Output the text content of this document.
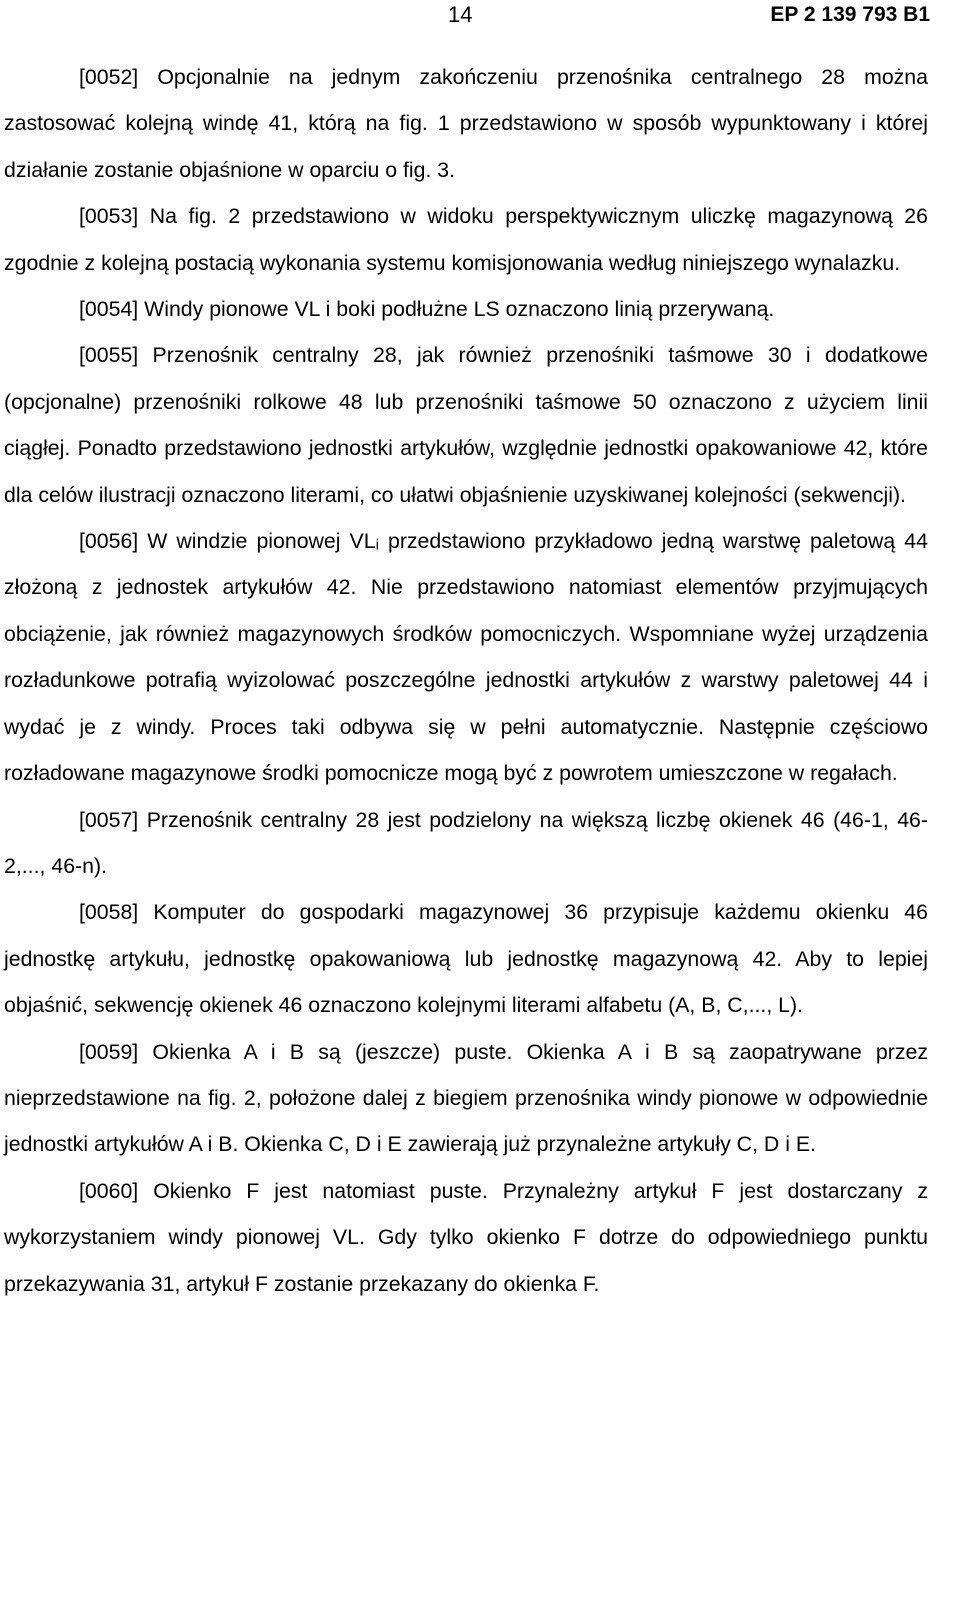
14	EP 2 139 793 B1

[0052] Opcjonalnie na jednym zakończeniu przenośnika centralnego 28 można zastosować kolejną windę 41, którą na fig. 1 przedstawiono w sposób wypunktowany i której działanie zostanie objaśnione w oparciu o fig. 3.

[0053] Na fig. 2 przedstawiono w widoku perspektywicznym uliczkę magazynową 26 zgodnie z kolejną postacią wykonania systemu komisjonowania według niniejszego wynalazku.

[0054] Windy pionowe VL i boki podłużne LS oznaczono linią przerywaną.

[0055] Przenośnik centralny 28, jak również przenośniki taśmowe 30 i dodatkowe (opcjonalne) przenośniki rolkowe 48 lub przenośniki taśmowe 50 oznaczono z użyciem linii ciągłej. Ponadto przedstawiono jednostki artykułów, względnie jednostki opakowaniowe 42, które dla celów ilustracji oznaczono literami, co ułatwi objaśnienie uzyskiwanej kolejności (sekwencji).

[0056] W windzie pionowej VLᵢ przedstawiono przykładowo jedną warstwę paletową 44 złożoną z jednostek artykułów 42. Nie przedstawiono natomiast elementów przyjmujących obciążenie, jak również magazynowych środków pomocniczych. Wspomniane wyżej urządzenia rozładunkowe potrafią wyizolować poszczególne jednostki artykułów z warstwy paletowej 44 i wydać je z windy. Proces taki odbywa się w pełni automatycznie. Następnie częściowo rozładowane magazynowe środki pomocnicze mogą być z powrotem umieszczone w regałach.

[0057] Przenośnik centralny 28 jest podzielony na większą liczbę okienek 46 (46-1, 46-2,..., 46-n).

[0058] Komputer do gospodarki magazynowej 36 przypisuje każdemu okienku 46 jednostkę artykułu, jednostkę opakowaniową lub jednostkę magazynową 42. Aby to lepiej objaśnić, sekwencję okienek 46 oznaczono kolejnymi literami alfabetu (A, B, C,..., L).

[0059] Okienka A i B są (jeszcze) puste. Okienka A i B są zaopatrywane przez nieprzedstawione na fig. 2, położone dalej z biegiem przenośnika windy pionowe w odpowiednie jednostki artykułów A i B. Okienka C, D i E zawierają już przynależne artykuły C, D i E.

[0060] Okienko F jest natomiast puste. Przynależny artykuł F jest dostarczany z wykorzystaniem windy pionowej VL. Gdy tylko okienko F dotrze do odpowiedniego punktu przekazywania 31, artykuł F zostanie przekazany do okienka F.
